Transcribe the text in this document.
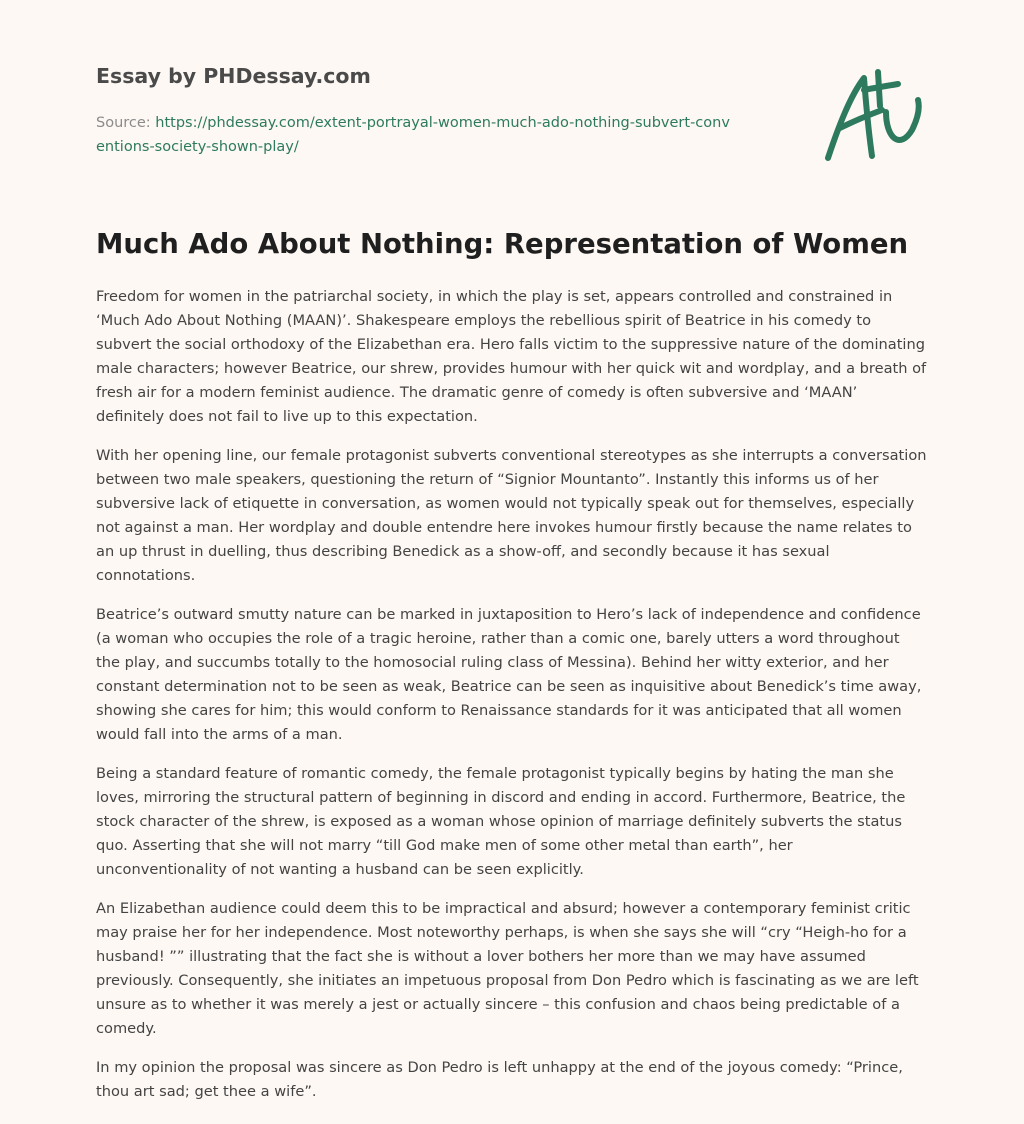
Essay by PHDessay.com

Source: https://phdessay.com/extent-portrayal-women-much-ado-nothing-subvert-conventions-society-shown-play/

Much Ado About Nothing: Representation of Women

Freedom for women in the patriarchal society, in which the play is set, appears controlled and constrained in ‘Much Ado About Nothing (MAAN)’. Shakespeare employs the rebellious spirit of Beatrice in his comedy to subvert the social orthodoxy of the Elizabethan era. Hero falls victim to the suppressive nature of the dominating male characters; however Beatrice, our shrew, provides humour with her quick wit and wordplay, and a breath of fresh air for a modern feminist audience. The dramatic genre of comedy is often subversive and ‘MAAN’ definitely does not fail to live up to this expectation.

With her opening line, our female protagonist subverts conventional stereotypes as she interrupts a conversation between two male speakers, questioning the return of “Signior Mountanto”. Instantly this informs us of her subversive lack of etiquette in conversation, as women would not typically speak out for themselves, especially not against a man. Her wordplay and double entendre here invokes humour firstly because the name relates to an up thrust in duelling, thus describing Benedick as a show-off, and secondly because it has sexual connotations.

Beatrice’s outward smutty nature can be marked in juxtaposition to Hero’s lack of independence and confidence (a woman who occupies the role of a tragic heroine, rather than a comic one, barely utters a word throughout the play, and succumbs totally to the homosocial ruling class of Messina). Behind her witty exterior, and her constant determination not to be seen as weak, Beatrice can be seen as inquisitive about Benedick’s time away, showing she cares for him; this would conform to Renaissance standards for it was anticipated that all women would fall into the arms of a man.

Being a standard feature of romantic comedy, the female protagonist typically begins by hating the man she loves, mirroring the structural pattern of beginning in discord and ending in accord. Furthermore, Beatrice, the stock character of the shrew, is exposed as a woman whose opinion of marriage definitely subverts the status quo. Asserting that she will not marry “till God make men of some other metal than earth”, her unconventionality of not wanting a husband can be seen explicitly.

An Elizabethan audience could deem this to be impractical and absurd; however a contemporary feminist critic may praise her for her independence. Most noteworthy perhaps, is when she says she will “cry “Heigh-ho for a husband! ”” illustrating that the fact she is without a lover bothers her more than we may have assumed previously. Consequently, she initiates an impetuous proposal from Don Pedro which is fascinating as we are left unsure as to whether it was merely a jest or actually sincere – this confusion and chaos being predictable of a comedy.

In my opinion the proposal was sincere as Don Pedro is left unhappy at the end of the joyous comedy: “Prince, thou art sad; get thee a wife”.
